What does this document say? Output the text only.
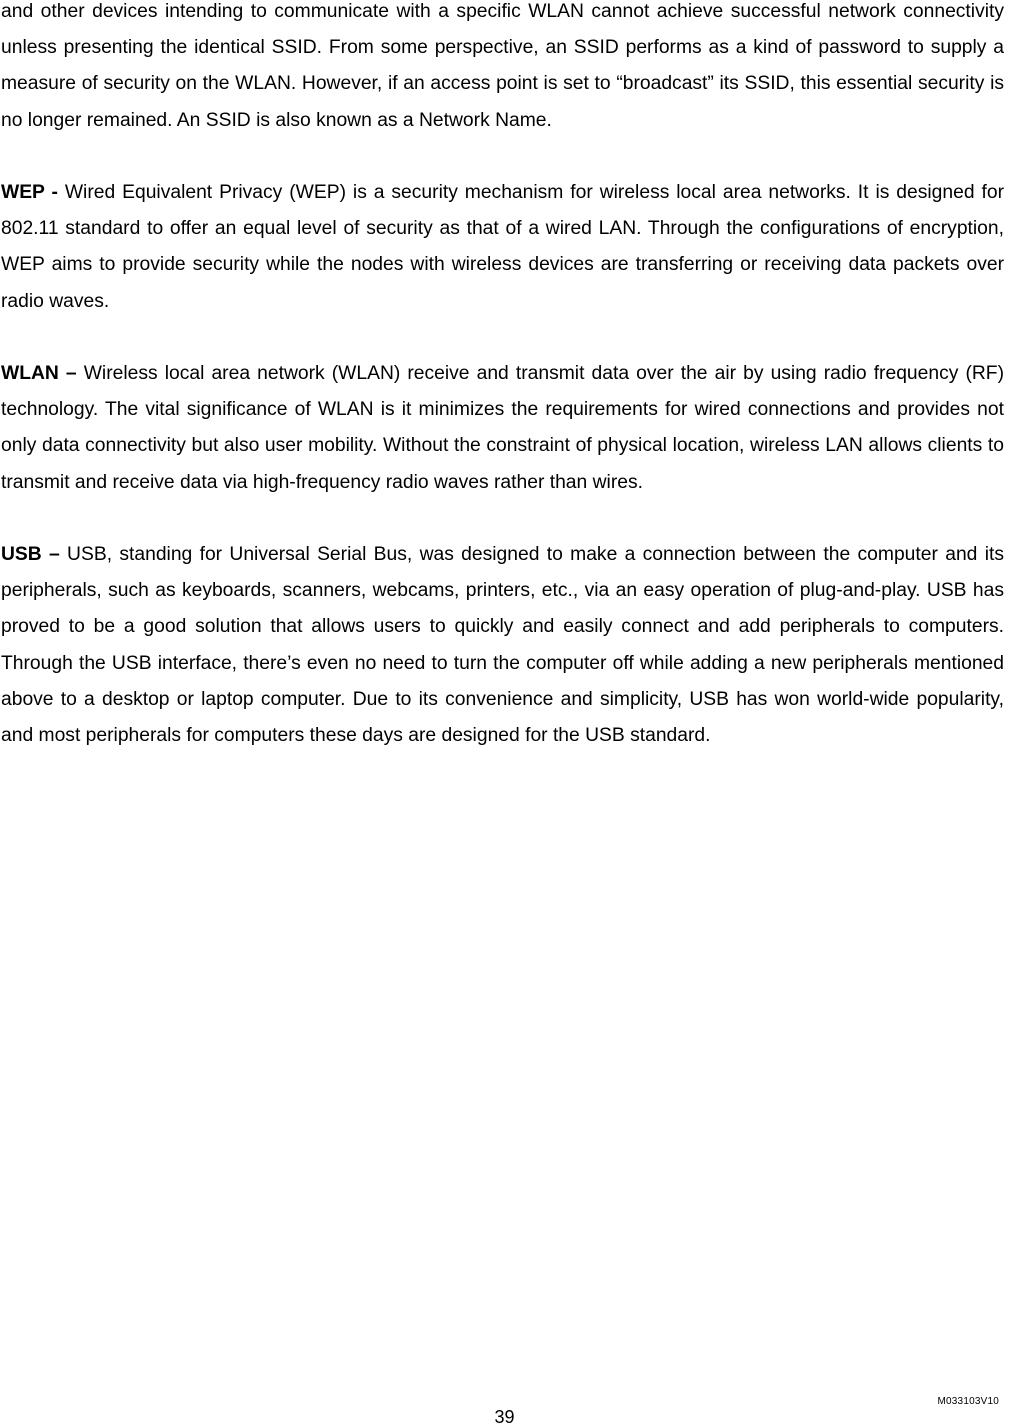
and other devices intending to communicate with a specific WLAN cannot achieve successful network connectivity unless presenting the identical SSID. From some perspective, an SSID performs as a kind of password to supply a measure of security on the WLAN. However, if an access point is set to “broadcast” its SSID, this essential security is no longer remained. An SSID is also known as a Network Name.

WEP - Wired Equivalent Privacy (WEP) is a security mechanism for wireless local area networks. It is designed for 802.11 standard to offer an equal level of security as that of a wired LAN. Through the configurations of encryption, WEP aims to provide security while the nodes with wireless devices are transferring or receiving data packets over radio waves.

WLAN – Wireless local area network (WLAN) receive and transmit data over the air by using radio frequency (RF) technology. The vital significance of WLAN is it minimizes the requirements for wired connections and provides not only data connectivity but also user mobility. Without the constraint of physical location, wireless LAN allows clients to transmit and receive data via high-frequency radio waves rather than wires.

USB – USB, standing for Universal Serial Bus, was designed to make a connection between the computer and its peripherals, such as keyboards, scanners, webcams, printers, etc., via an easy operation of plug-and-play. USB has proved to be a good solution that allows users to quickly and easily connect and add peripherals to computers. Through the USB interface, there’s even no need to turn the computer off while adding a new peripherals mentioned above to a desktop or laptop computer. Due to its convenience and simplicity, USB has won world-wide popularity, and most peripherals for computers these days are designed for the USB standard.

M033103V10
39
